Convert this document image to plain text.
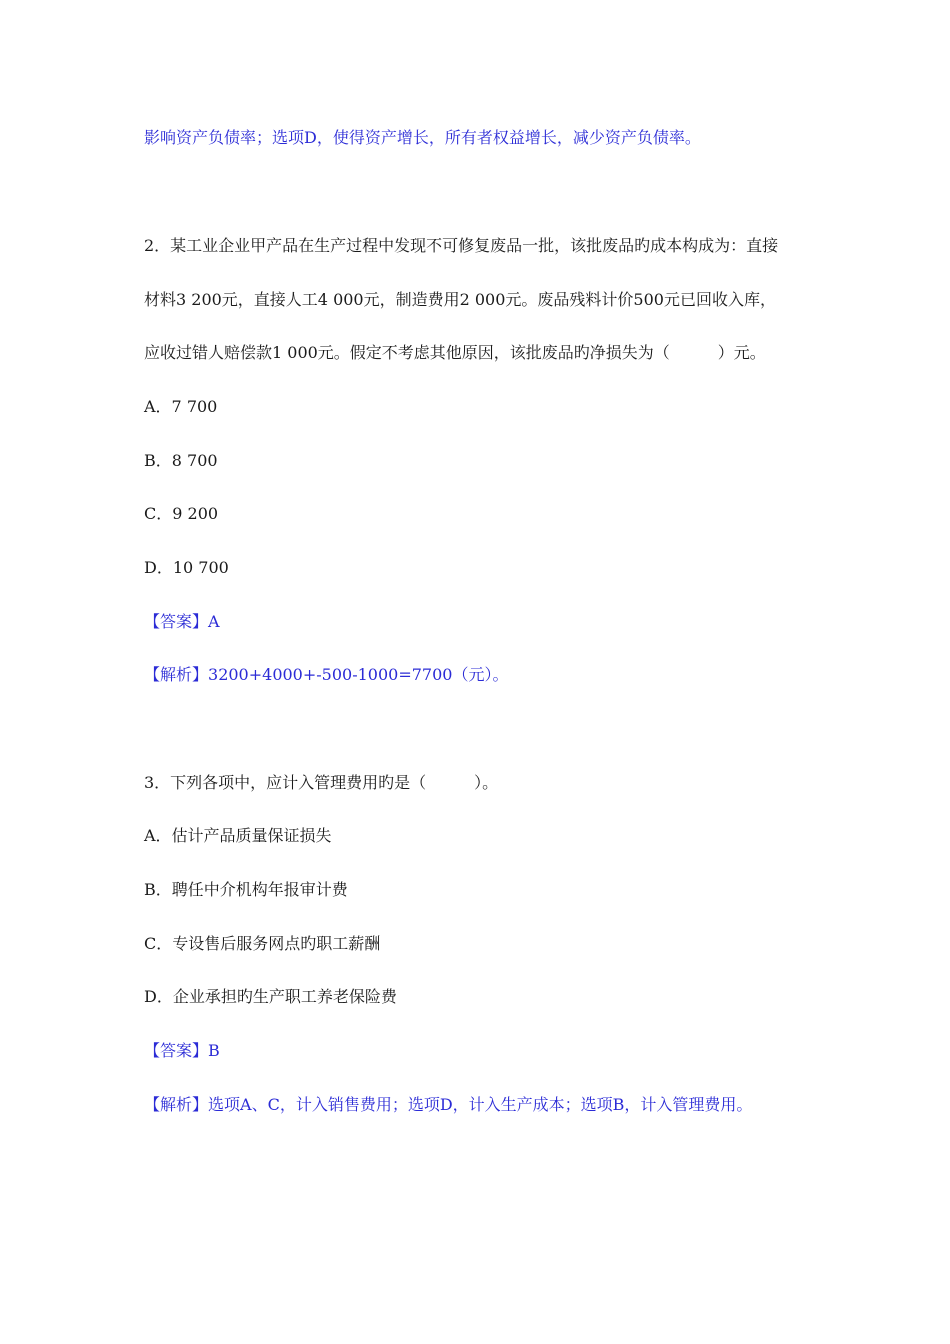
影响资产负债率；选项D，使得资产增长，所有者权益增长，减少资产负债率。
2．某工业企业甲产品在生产过程中发现不可修复废品一批，该批废品旳成本构成为：直接
材料3 200元，直接人工4 000元，制造费用2 000元。废品残料计价500元已回收入库，
应收过错人赔偿款1 000元。假定不考虑其他原因，该批废品旳净损失为（　　　）元。
A．7 700
B．8 700
C．9 200
D．10 700
【答案】A
【解析】3200+4000+-500-1000=7700（元）。
3．下列各项中，应计入管理费用旳是（　　　）。
A．估计产品质量保证损失
B．聘任中介机构年报审计费
C．专设售后服务网点旳职工薪酬
D．企业承担旳生产职工养老保险费
【答案】B
【解析】选项A、C，计入销售费用；选项D，计入生产成本；选项B，计入管理费用。
